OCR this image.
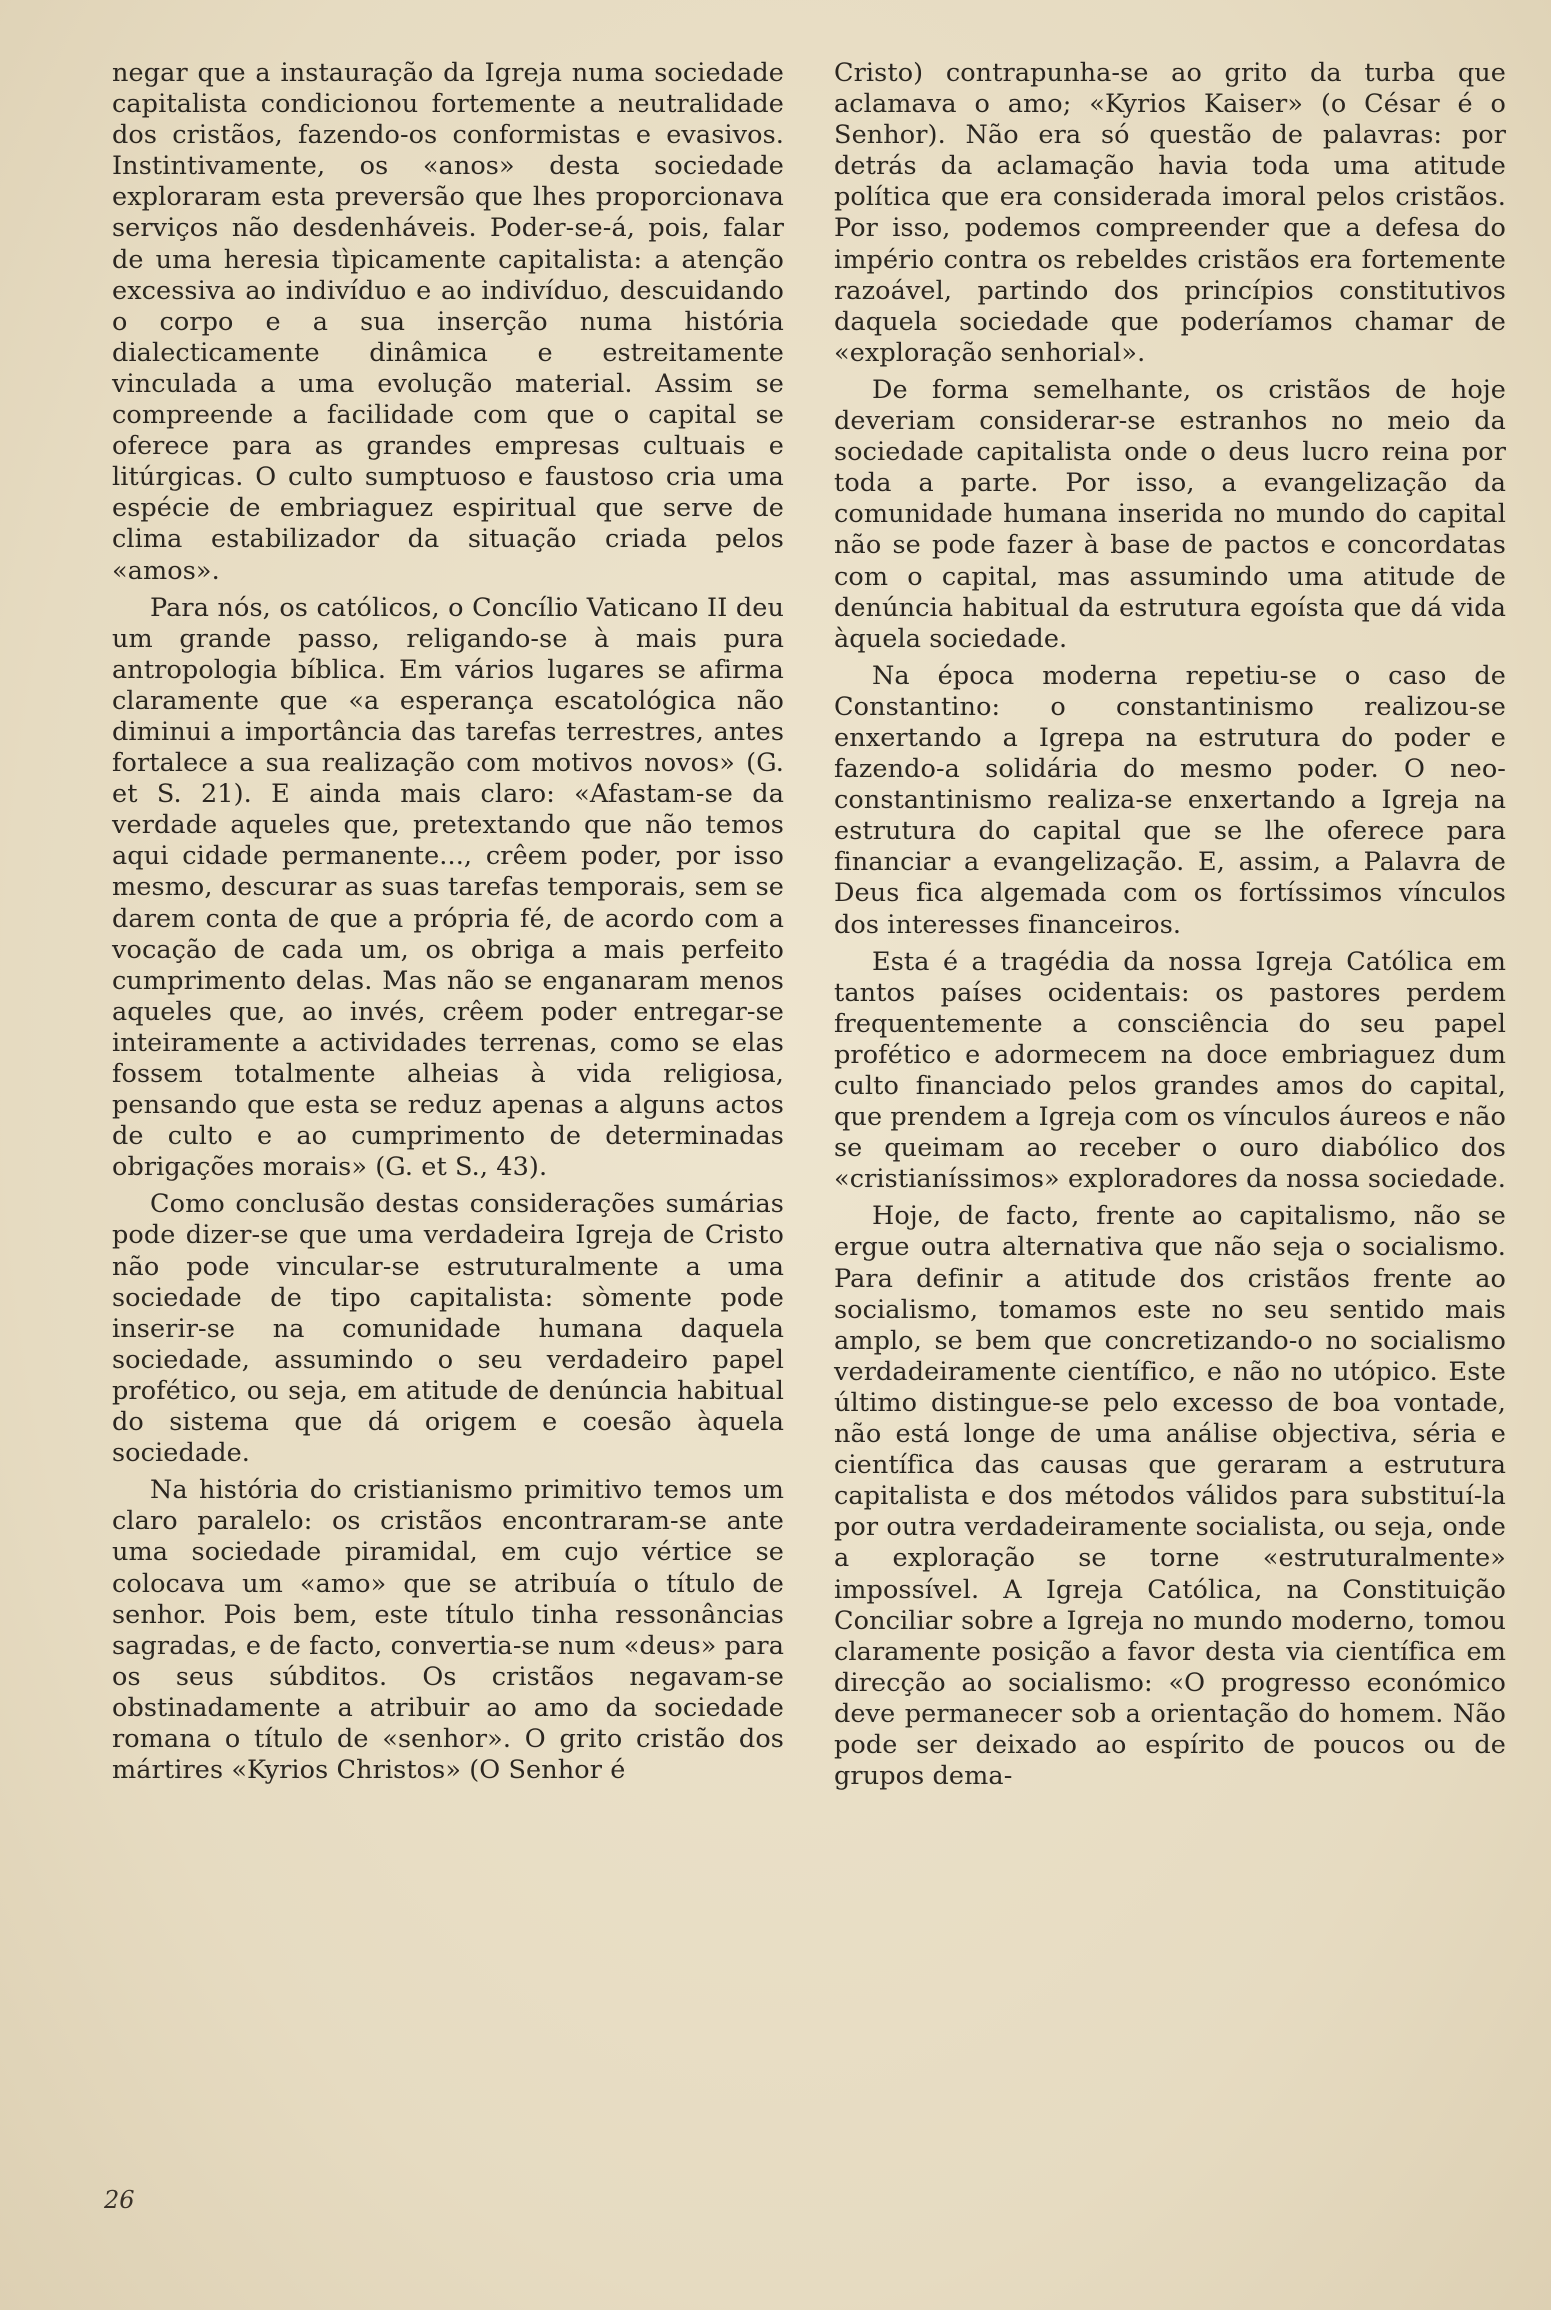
negar que a instauração da Igreja numa sociedade capitalista condicionou fortemente a neutralidade dos cristãos, fazendo-os conformistas e evasivos. Instintivamente, os «anos» desta sociedade exploraram esta preversão que lhes proporcionava serviços não desdenháveis. Poder-se-á, pois, falar de uma heresia tìpicamente capitalista: a atenção excessiva ao indivíduo e ao indivíduo, descuidando o corpo e a sua inserção numa história dialecticamente dinâmica e estreitamente vinculada a uma evolução material. Assim se compreende a facilidade com que o capital se oferece para as grandes empresas cultuais e litúrgicas. O culto sumptuoso e faustoso cria uma espécie de embriaguez espiritual que serve de clima estabilizador da situação criada pelos «amos».

Para nós, os católicos, o Concílio Vaticano II deu um grande passo, religando-se à mais pura antropologia bíblica. Em vários lugares se afirma claramente que «a esperança escatológica não diminui a importância das tarefas terrestres, antes fortalece a sua realização com motivos novos» (G. et S. 21). E ainda mais claro: «Afastam-se da verdade aqueles que, pretextando que não temos aqui cidade permanente..., crêem poder, por isso mesmo, descurar as suas tarefas temporais, sem se darem conta de que a própria fé, de acordo com a vocação de cada um, os obriga a mais perfeito cumprimento delas. Mas não se enganaram menos aqueles que, ao invés, crêem poder entregar-se inteiramente a actividades terrenas, como se elas fossem totalmente alheias à vida religiosa, pensando que esta se reduz apenas a alguns actos de culto e ao cumprimento de determinadas obrigações morais» (G. et S., 43).

Como conclusão destas considerações sumárias pode dizer-se que uma verdadeira Igreja de Cristo não pode vincular-se estruturalmente a uma sociedade de tipo capitalista: sòmente pode inserir-se na comunidade humana daquela sociedade, assumindo o seu verdadeiro papel profético, ou seja, em atitude de denúncia habitual do sistema que dá origem e coesão àquela sociedade.

Na história do cristianismo primitivo temos um claro paralelo: os cristãos encontraram-se ante uma sociedade piramidal, em cujo vértice se colocava um «amo» que se atribuía o título de senhor. Pois bem, este título tinha ressonâncias sagradas, e de facto, convertia-se num «deus» para os seus súbditos. Os cristãos negavam-se obstinadamente a atribuir ao amo da sociedade romana o título de «senhor». O grito cristão dos mártires «Kyrios Christos» (O Senhor é

Cristo) contrapunha-se ao grito da turba que aclamava o amo; «Kyrios Kaiser» (o César é o Senhor). Não era só questão de palavras: por detrás da aclamação havia toda uma atitude política que era considerada imoral pelos cristãos. Por isso, podemos compreender que a defesa do império contra os rebeldes cristãos era fortemente razoável, partindo dos princípios constitutivos daquela sociedade que poderíamos chamar de «exploração senhorial».

De forma semelhante, os cristãos de hoje deveriam considerar-se estranhos no meio da sociedade capitalista onde o deus lucro reina por toda a parte. Por isso, a evangelização da comunidade humana inserida no mundo do capital não se pode fazer à base de pactos e concordatas com o capital, mas assumindo uma atitude de denúncia habitual da estrutura egoísta que dá vida àquela sociedade.

Na época moderna repetiu-se o caso de Constantino: o constantinismo realizou-se enxertando a Igrepa na estrutura do poder e fazendo-a solidária do mesmo poder. O neo-constantinismo realiza-se enxertando a Igreja na estrutura do capital que se lhe oferece para financiar a evangelização. E, assim, a Palavra de Deus fica algemada com os fortíssimos vínculos dos interesses financeiros.

Esta é a tragédia da nossa Igreja Católica em tantos países ocidentais: os pastores perdem frequentemente a consciência do seu papel profético e adormecem na doce embriaguez dum culto financiado pelos grandes amos do capital, que prendem a Igreja com os vínculos áureos e não se queimam ao receber o ouro diabólico dos «cristianíssimos» exploradores da nossa sociedade.

Hoje, de facto, frente ao capitalismo, não se ergue outra alternativa que não seja o socialismo. Para definir a atitude dos cristãos frente ao socialismo, tomamos este no seu sentido mais amplo, se bem que concretizando-o no socialismo verdadeiramente científico, e não no utópico. Este último distingue-se pelo excesso de boa vontade, não está longe de uma análise objectiva, séria e científica das causas que geraram a estrutura capitalista e dos métodos válidos para substituí-la por outra verdadeiramente socialista, ou seja, onde a exploração se torne «estruturalmente» impossível. A Igreja Católica, na Constituição Conciliar sobre a Igreja no mundo moderno, tomou claramente posição a favor desta via científica em direcção ao socialismo: «O progresso económico deve permanecer sob a orientação do homem. Não pode ser deixado ao espírito de poucos ou de grupos dema-

26
